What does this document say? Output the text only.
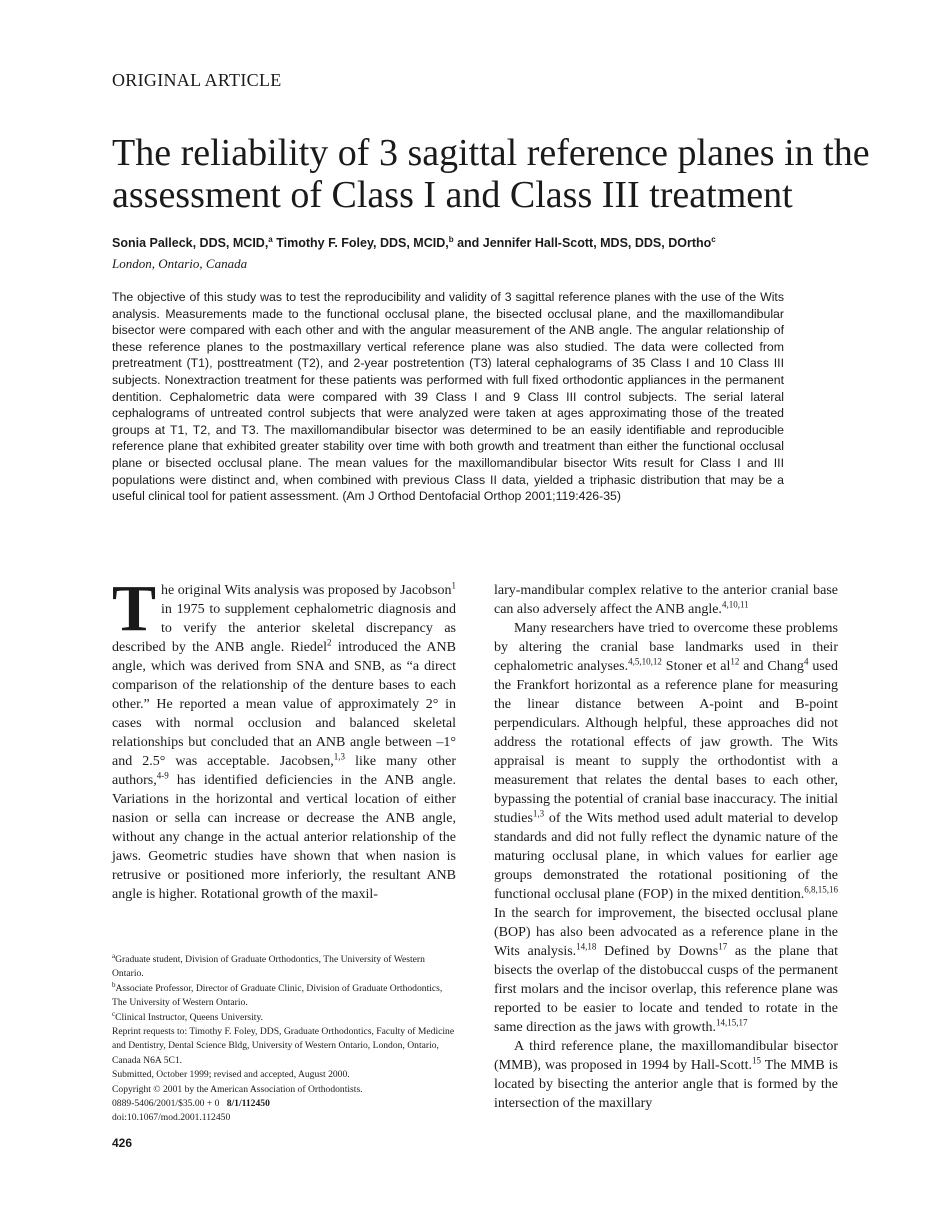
ORIGINAL ARTICLE
The reliability of 3 sagittal reference planes in the assessment of Class I and Class III treatment
Sonia Palleck, DDS, MCID,$^a$ Timothy F. Foley, DDS, MCID,$^b$ and Jennifer Hall-Scott, MDS, DDS, DOrtho$^c$
London, Ontario, Canada

The objective of this study was to test the reproducibility and validity of 3 sagittal reference planes with the use of the Wits analysis. Measurements made to the functional occlusal plane, the bisected occlusal plane, and the maxillomandibular bisector were compared with each other and with the angular measurement of the ANB angle. The angular relationship of these reference planes to the postmaxillary vertical reference plane was also studied. The data were collected from pretreatment (T1), posttreatment (T2), and 2-year postretention (T3) lateral cephalograms of 35 Class I and 10 Class III subjects. Nonextraction treatment for these patients was performed with full fixed orthodontic appliances in the permanent dentition. Cephalometric data were compared with 39 Class I and 9 Class III control subjects. The serial lateral cephalograms of untreated control subjects that were analyzed were taken at ages approximating those of the treated groups at T1, T2, and T3. The maxillomandibular bisector was determined to be an easily identifiable and reproducible reference plane that exhibited greater stability over time with both growth and treatment than either the functional occlusal plane or bisected occlusal plane. The mean values for the maxillomandibular bisector Wits result for Class I and III populations were distinct and, when combined with previous Class II data, yielded a triphasic distribution that may be a useful clinical tool for patient assessment. (Am J Orthod Dentofacial Orthop 2001;119:426-35)

The original Wits analysis was proposed by Jacobson$^1$ in 1975 to supplement cephalometric diagnosis and to verify the anterior skeletal discrepancy as described by the ANB angle. Riedel$^2$ introduced the ANB angle, which was derived from SNA and SNB, as “a direct comparison of the relationship of the denture bases to each other.” He reported a mean value of approximately 2° in cases with normal occlusion and balanced skeletal relationships but concluded that an ANB angle between –1° and 2.5° was acceptable. Jacobsen,$^{1,3}$ like many other authors,$^{4-9}$ has identified deficiencies in the ANB angle. Variations in the horizontal and vertical location of either nasion or sella can increase or decrease the ANB angle, without any change in the actual anterior relationship of the jaws. Geometric studies have shown that when nasion is retrusive or positioned more inferiorly, the resultant ANB angle is higher. Rotational growth of the maxil-

lary-mandibular complex relative to the anterior cranial base can also adversely affect the ANB angle.$^{4,10,11}$

Many researchers have tried to overcome these problems by altering the cranial base landmarks used in their cephalometric analyses.$^{4,5,10,12}$ Stoner et $al^{12}$ and Chang$^4$ used the Frankfort horizontal as a reference plane for measuring the linear distance between A-point and B-point perpendiculars. Although helpful, these approaches did not address the rotational effects of jaw growth. The Wits appraisal is meant to supply the orthodontist with a measurement that relates the dental bases to each other, bypassing the potential of cranial base inaccuracy. The initial studies$^{1,3}$ of the Wits method used adult material to develop standards and did not fully reflect the dynamic nature of the maturing occlusal plane, in which values for earlier age groups demonstrated the rotational positioning of the functional occlusal plane (FOP) in the mixed dentition.$^{6,8,15,16}$ In the search for improvement, the bisected occlusal plane (BOP) has also been advocated as a reference plane in the Wits analysis.$^{14,18}$ Defined by Downs$^{17}$ as the plane that bisects the overlap of the distobuccal cusps of the permanent first molars and the incisor overlap, this reference plane was reported to be easier to locate and tended to rotate in the same direction as the jaws with growth.$^{14,15,17}$

A third reference plane, the maxillomandibular bisector (MMB), was proposed in 1994 by Hall-Scott.$^{15}$ The MMB is located by bisecting the anterior angle that is formed by the intersection of the maxillary

$^a$Graduate student, Division of Graduate Orthodontics, The University of Western Ontario.
$^b$Associate Professor, Director of Graduate Clinic, Division of Graduate Orthodontics, The University of Western Ontario.
$^c$Clinical Instructor, Queens University.
Reprint requests to: Timothy F. Foley, DDS, Graduate Orthodontics, Faculty of Medicine and Dentistry, Dental Science Bldg, University of Western Ontario, London, Ontario, Canada N6A 5C1.
Submitted, October 1999; revised and accepted, August 2000.
Copyright © 2001 by the American Association of Orthodontists.
0889-5406/2001/$35.00 + 0 8/1/112450
doi:10.1067/mod.2001.112450
426
